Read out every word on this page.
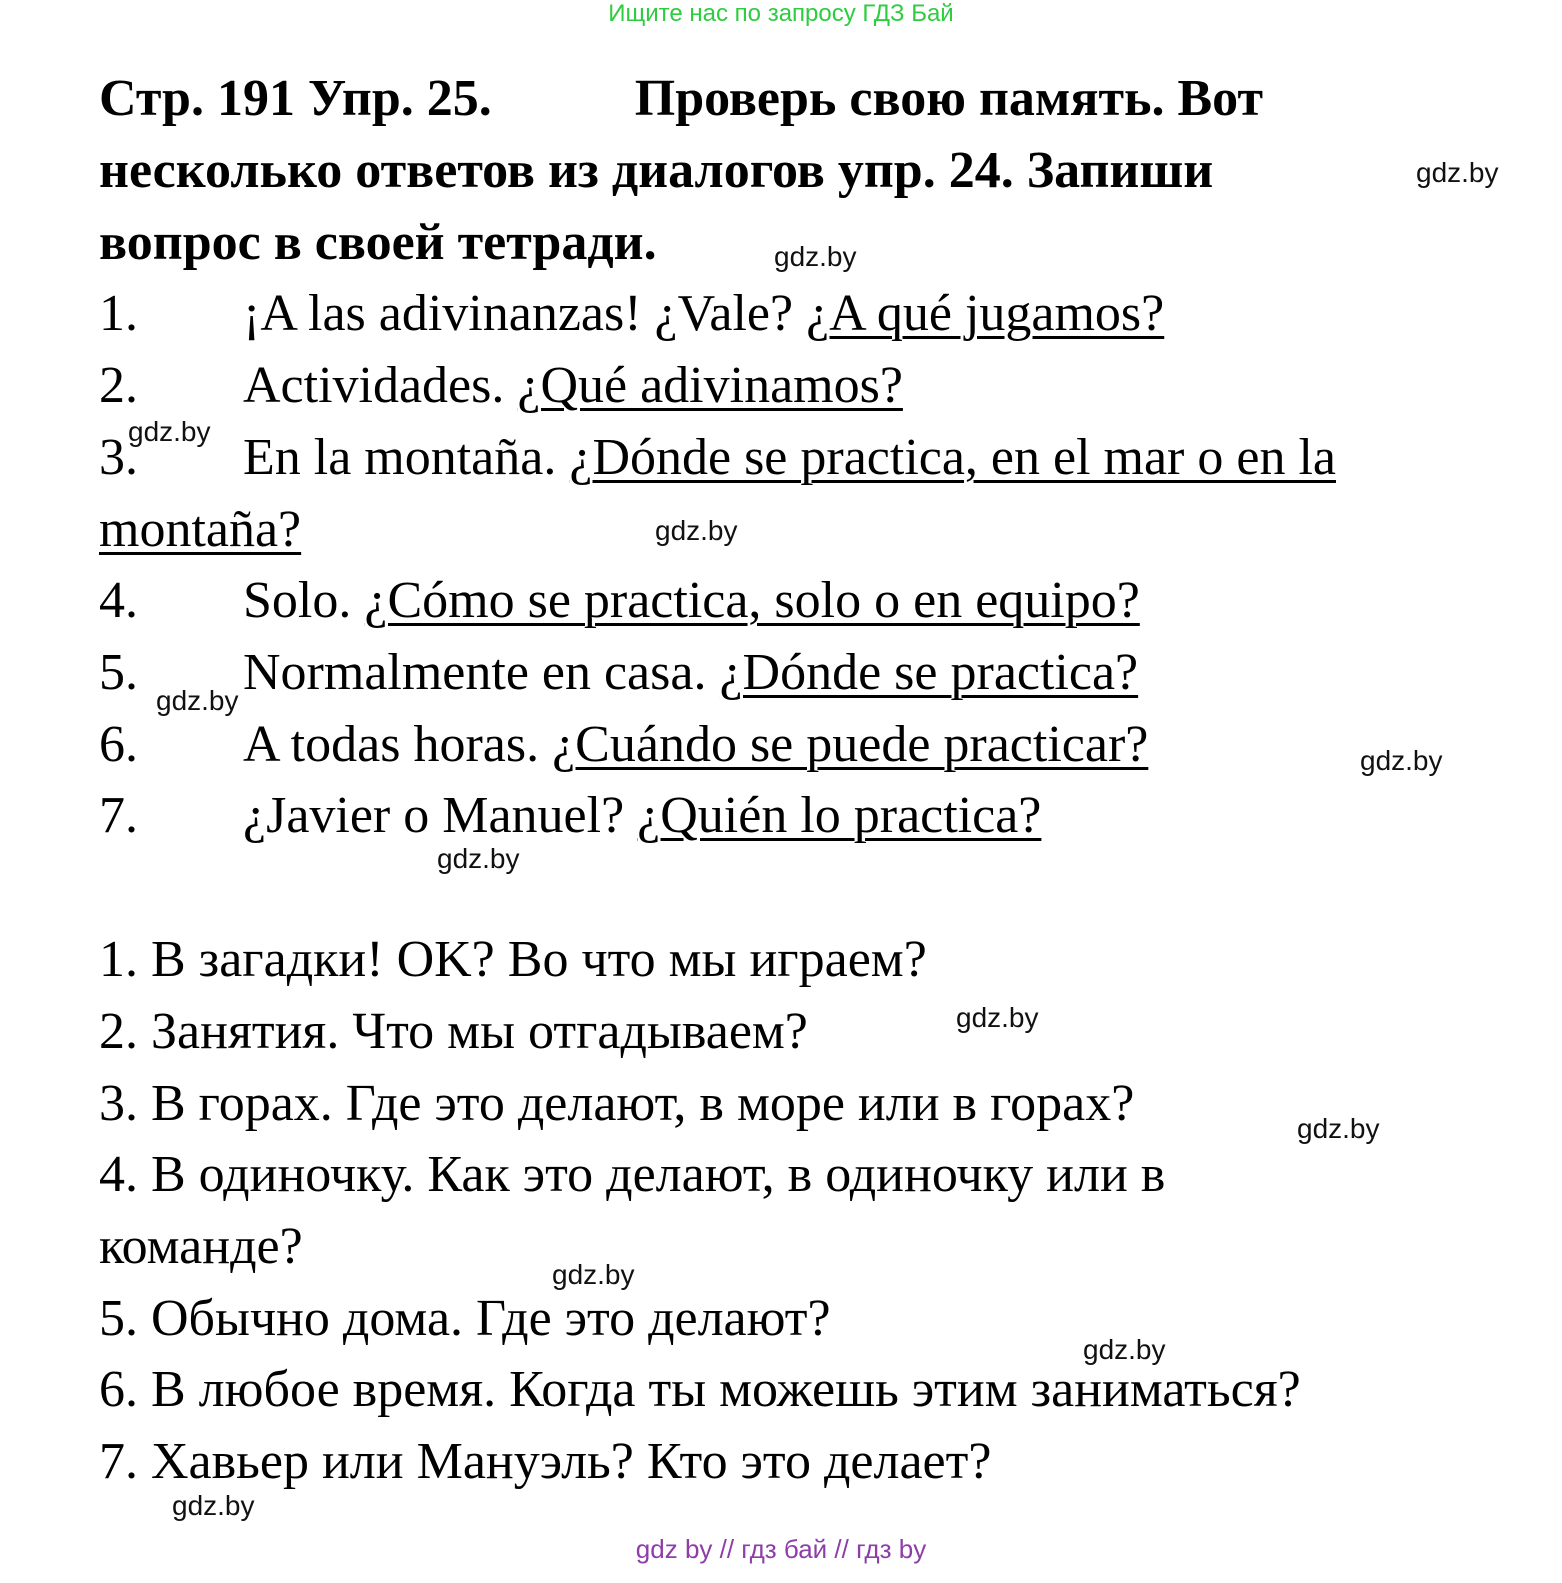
Ищите нас по запросу ГДЗ Бай
Стр. 191 Упр. 25.	Проверь свою память. Вот
несколько ответов из диалогов упр. 24. Запиши
вопрос в своей тетради.
1. ¡A las adivinanzas! ¿Vale? ¿A qué jugamos?
2. Actividades. ¿Qué adivinamos?
3. En la montaña. ¿Dónde se practica, en el mar o en la
montaña?
4. Solo. ¿Cómo se practica, solo o en equipo?
5. Normalmente en casa. ¿Dónde se practica?
6. A todas horas. ¿Cuándo se puede practicar?
7. ¿Javier o Manuel? ¿Quién lo practica?
1. В загадки! OK? Во что мы играем?
2. Занятия. Что мы отгадываем?
3. В горах. Где это делают, в море или в горах?
4. В одиночку. Как это делают, в одиночку или в
команде?
5. Обычно дома. Где это делают?
6. В любое время. Когда ты можешь этим заниматься?
7. Хавьер или Мануэль? Кто это делает?
gdz.by
gdz.by
gdz.by
gdz.by
gdz.by
gdz.by
gdz.by
gdz.by
gdz.by
gdz.by
gdz.by
gdz.by
gdz by // гдз бай // гдз by
